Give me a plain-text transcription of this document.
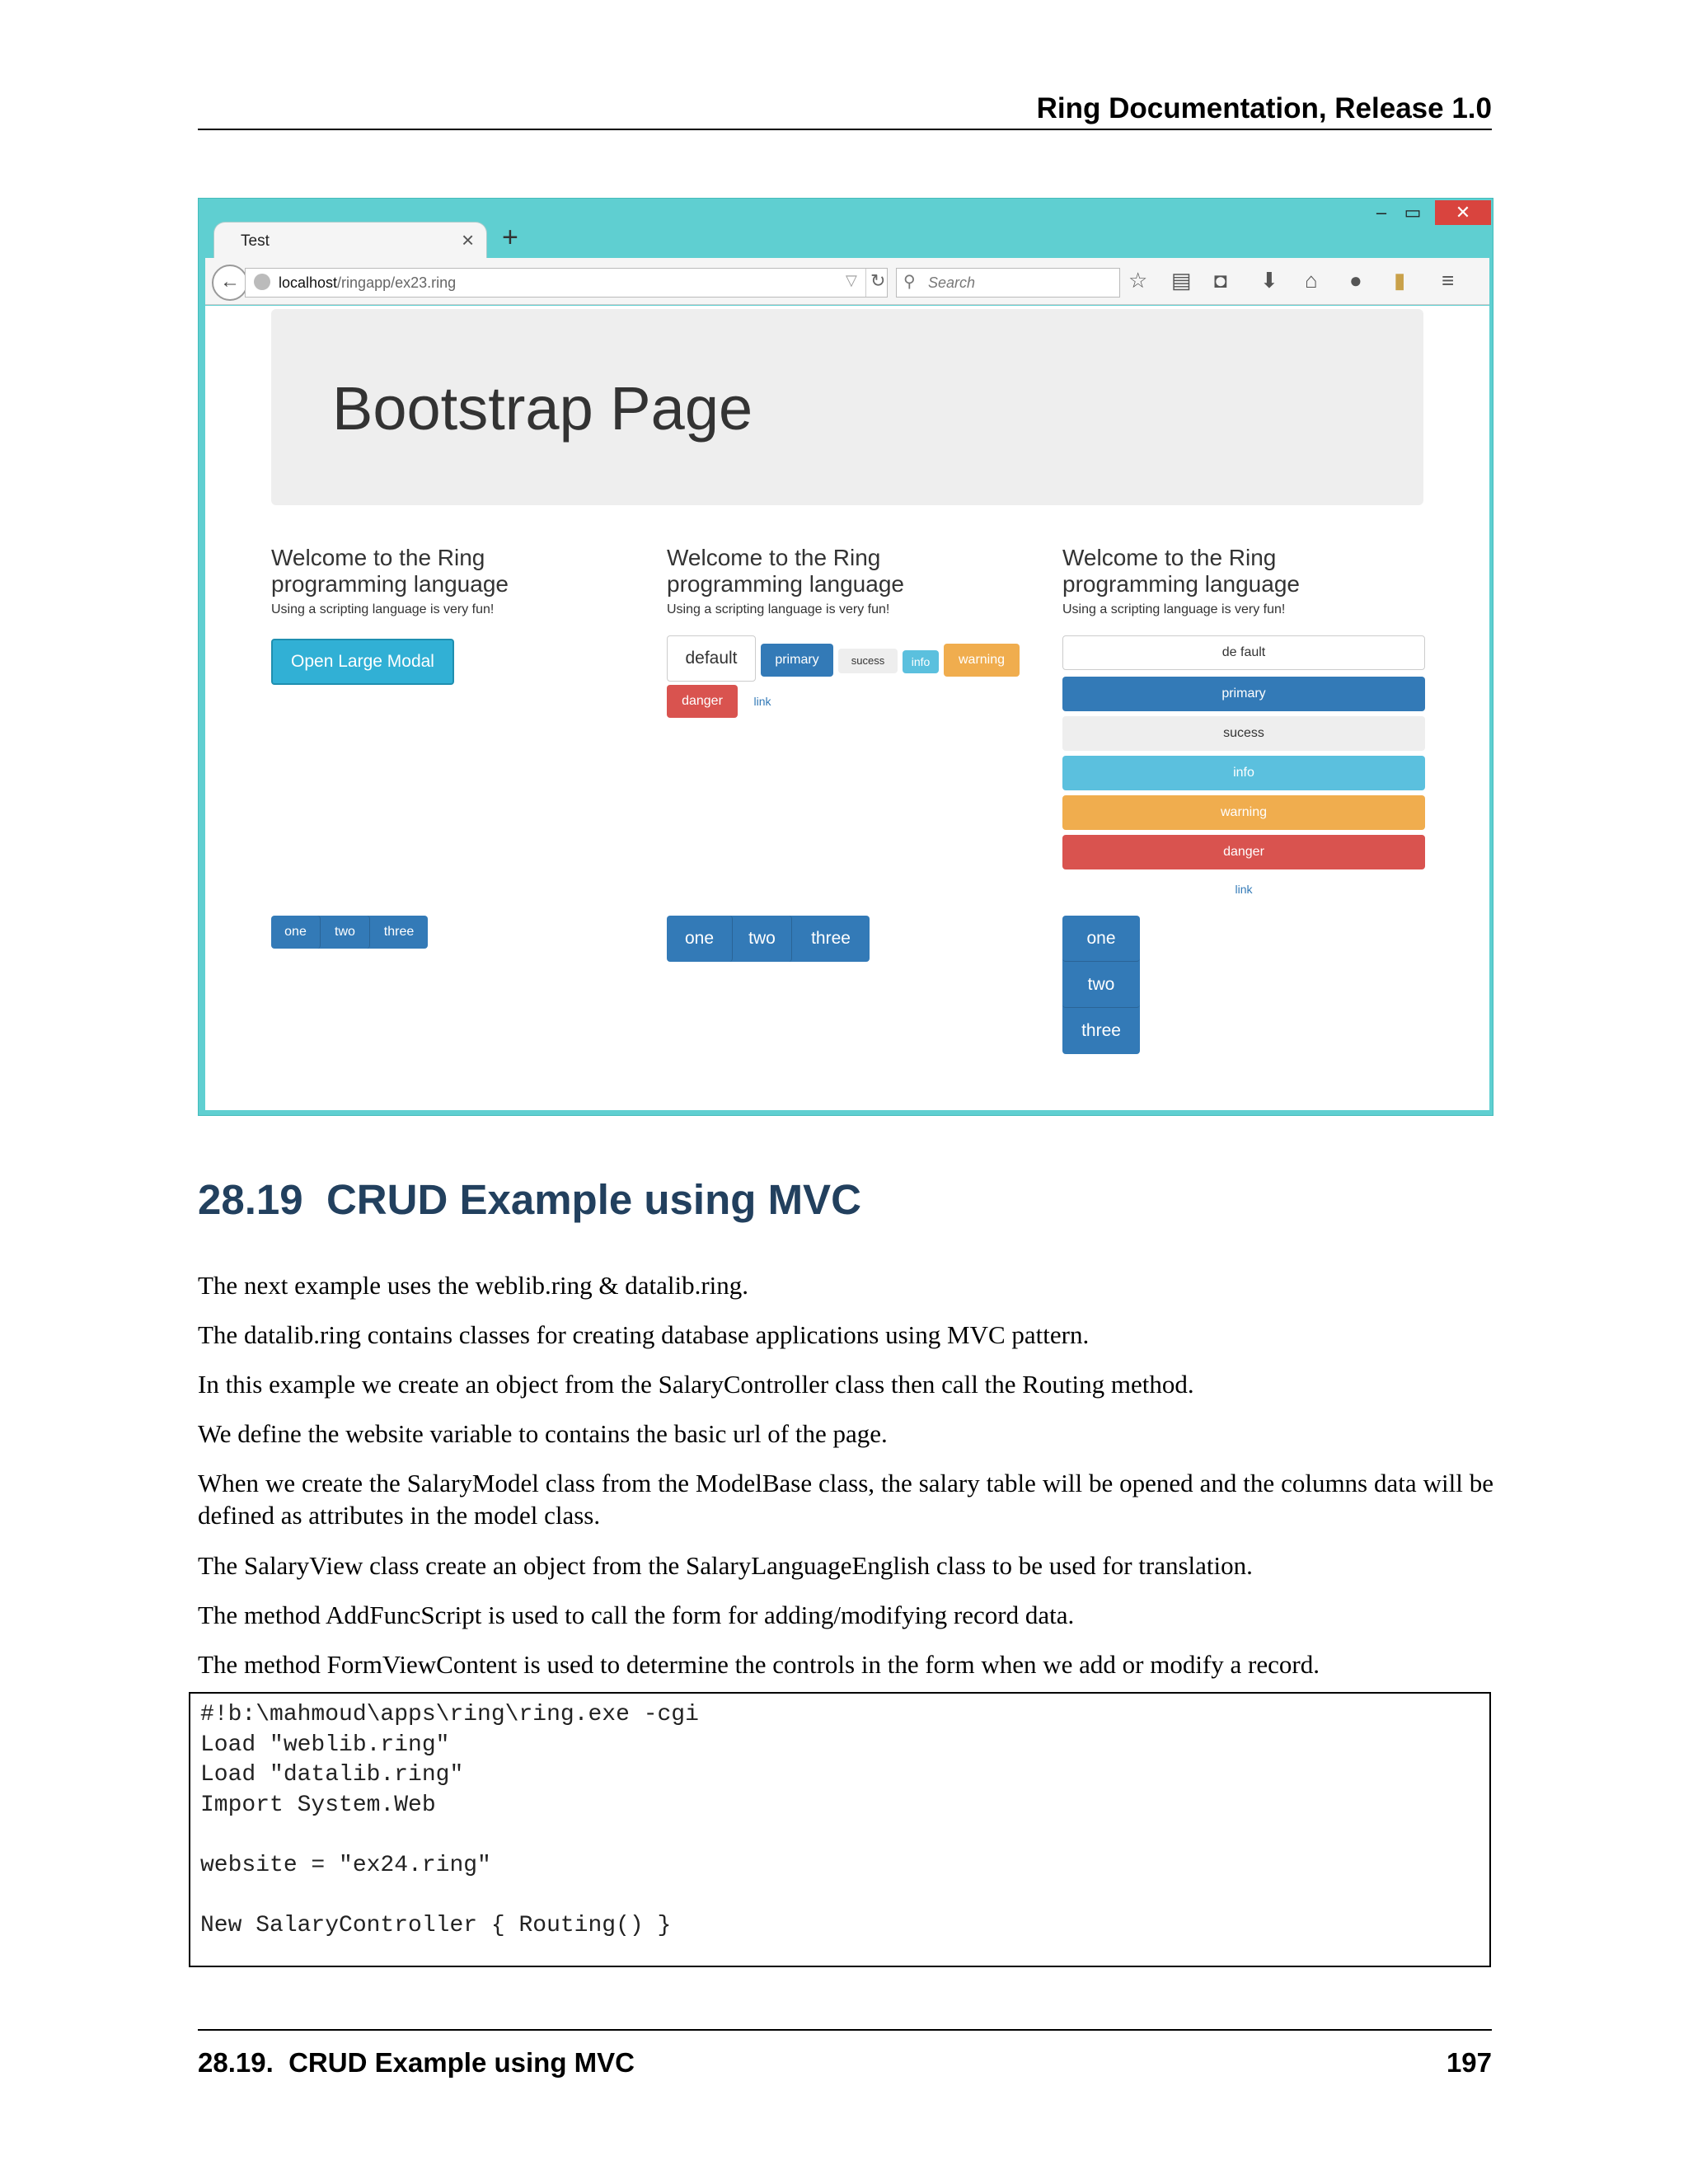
Ring Documentation, Release 1.0
– ▭	✕
Test	× +
←	localhost/ringapp/ex23.ring	▽ ↻ ⚲ Search	☆ ▤ ◘ ⬇ ⌂ ● ▮ ≡
Bootstrap Page
Welcome to the Ring
programming language
Using a scripting language is very fun!
Open Large Modal
one	two	three
Welcome to the Ring
programming language
Using a scripting language is very fun!
default	primary	sucess	info	warning
danger	link
one	two	three
Welcome to the Ring
programming language
Using a scripting language is very fun!
de fault
primary
sucess
info
warning
danger
link
one
two
three
28.19  CRUD Example using MVC
The next example uses the weblib.ring & datalib.ring.
The datalib.ring contains classes for creating database applications using MVC pattern.
In this example we create an object from the SalaryController class then call the Routing method.
We define the website variable to contains the basic url of the page.
When we create the SalaryModel class from the ModelBase class, the salary table will be opened and the columns data will be defined as attributes in the model class.
The SalaryView class create an object from the SalaryLanguageEnglish class to be used for translation.
The method AddFuncScript is used to call the form for adding/modifying record data.
The method FormViewContent is used to determine the controls in the form when we add or modify a record.
#!b:\mahmoud\apps\ring\ring.exe -cgi
Load "weblib.ring"
Load "datalib.ring"
Import System.Web
website = "ex24.ring"
New SalaryController { Routing() }
28.19.  CRUD Example using MVC	197
